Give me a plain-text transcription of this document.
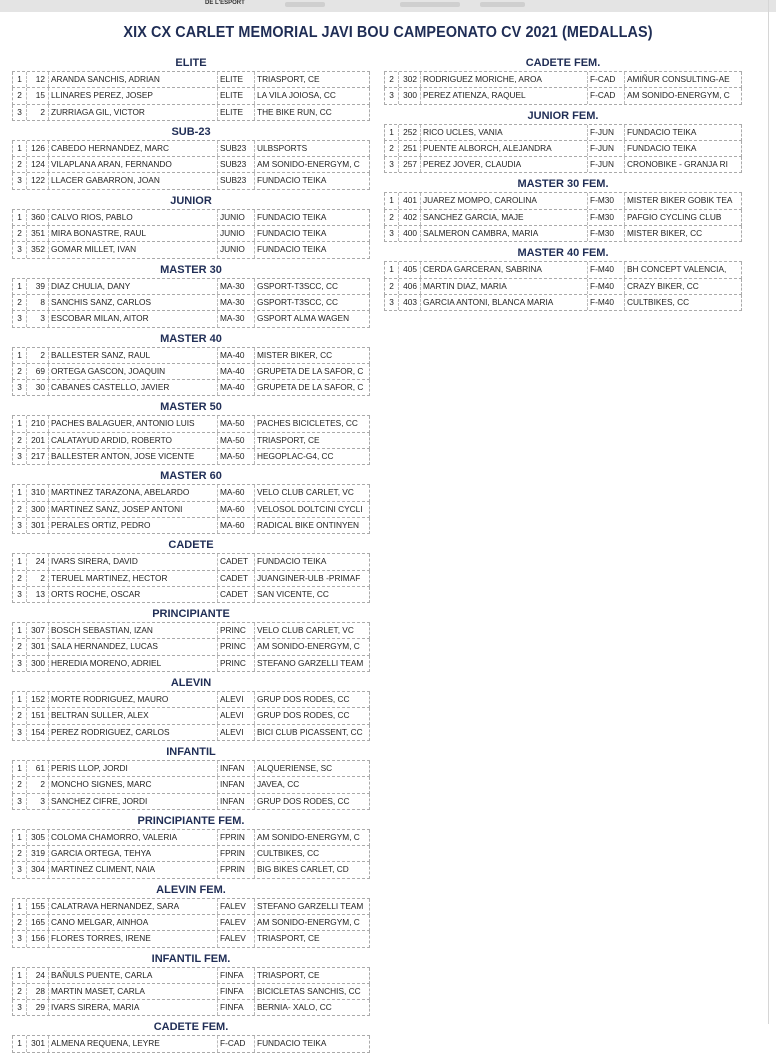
DE L'ESPORT
XIX CX CARLET MEMORIAL JAVI BOU CAMPEONATO CV 2021 (MEDALLAS)
ELITE
1	12 ARANDA SANCHIS, ADRIAN	ELITE	TRIASPORT, CE
2	15 LLINARES PEREZ, JOSEP	ELITE	LA VILA JOIOSA, CC
3	2 ZURRIAGA GIL, VICTOR	ELITE	THE BIKE RUN, CC
SUB-23
1	126 CABEDO HERNANDEZ, MARC	SUB23	ULBSPORTS
2	124 VILAPLANA ARAN, FERNANDO	SUB23	AM SONIDO-ENERGYM, C
3	122 LLACER GABARRON, JOAN	SUB23	FUNDACIO TEIKA
JUNIOR
1	360 CALVO RIOS, PABLO	JUNIO	FUNDACIO TEIKA
2	351 MIRA BONASTRE, RAUL	JUNIO	FUNDACIO TEIKA
3	352 GOMAR MILLET, IVAN	JUNIO	FUNDACIO TEIKA
MASTER 30
1	39 DIAZ CHULIA, DANY	MA-30	GSPORT-T3SCC, CC
2	8 SANCHIS SANZ, CARLOS	MA-30	GSPORT-T3SCC, CC
3	3 ESCOBAR MILAN, AITOR	MA-30	GSPORT ALMA WAGEN
MASTER 40
1	2 BALLESTER SANZ, RAUL	MA-40	MISTER BIKER, CC
2	69 ORTEGA GASCON, JOAQUIN	MA-40	GRUPETA DE LA SAFOR, C
3	30 CABANES CASTELLO, JAVIER	MA-40	GRUPETA DE LA SAFOR, C
MASTER 50
1	210 PACHES BALAGUER, ANTONIO LUIS	MA-50	PACHES BICICLETES, CC
2	201 CALATAYUD ARDID, ROBERTO	MA-50	TRIASPORT, CE
3	217 BALLESTER ANTON, JOSE VICENTE	MA-50	HEGOPLAC-G4, CC
MASTER 60
1	310 MARTINEZ TARAZONA, ABELARDO	MA-60	VELO CLUB CARLET, VC
2	300 MARTINEZ SANZ, JOSEP ANTONI	MA-60	VELOSOL DOLTCINI CYCLI
3	301 PERALES ORTIZ, PEDRO	MA-60	RADICAL BIKE ONTINYEN
CADETE
1	24 IVARS SIRERA, DAVID	CADET	FUNDACIO TEIKA
2	2 TERUEL MARTINEZ, HECTOR	CADET	JUANGINER-ULB -PRIMAF
3	13 ORTS ROCHE, OSCAR	CADET	SAN VICENTE, CC
PRINCIPIANTE
1	307 BOSCH SEBASTIAN, IZAN	PRINC	VELO CLUB CARLET, VC
2	301 SALA HERNANDEZ, LUCAS	PRINC	AM SONIDO-ENERGYM, C
3	300 HEREDIA MORENO, ADRIEL	PRINC	STEFANO GARZELLI TEAM
ALEVIN
1	152 MORTE RODRIGUEZ, MAURO	ALEVI	GRUP DOS RODES, CC
2	151 BELTRAN SULLER, ALEX	ALEVI	GRUP DOS RODES, CC
3	154 PEREZ RODRIGUEZ, CARLOS	ALEVI	BICI CLUB PICASSENT, CC
INFANTIL
1	61 PERIS LLOP, JORDI	INFAN	ALQUERIENSE, SC
2	2 MONCHO SIGNES, MARC	INFAN	JAVEA, CC
3	3 SANCHEZ CIFRE, JORDI	INFAN	GRUP DOS RODES, CC
PRINCIPIANTE FEM.
1	305 COLOMA CHAMORRO, VALERIA	FPRIN	AM SONIDO-ENERGYM, C
2	319 GARCIA ORTEGA, TEHYA	FPRIN	CULTBIKES, CC
3	304 MARTINEZ CLIMENT, NAIA	FPRIN	BIG BIKES CARLET, CD
ALEVIN FEM.
1	155 CALATRAVA HERNANDEZ, SARA	FALEV	STEFANO GARZELLI TEAM
2	165 CANO MELGAR, AINHOA	FALEV	AM SONIDO-ENERGYM, C
3	156 FLORES TORRES, IRENE	FALEV	TRIASPORT, CE
INFANTIL FEM.
1	24 BAÑULS PUENTE, CARLA	FINFA	TRIASPORT, CE
2	28 MARTIN MASET, CARLA	FINFA	BICICLETAS SANCHIS, CC
3	29 IVARS SIRERA, MARIA	FINFA	BERNIA- XALO, CC
CADETE FEM.
1	301 ALMENA REQUENA, LEYRE	F-CAD	FUNDACIO TEIKA
CADETE FEM.
2	302 RODRIGUEZ MORICHE, AROA	F-CAD	AMIÑUR CONSULTING-AE
3	300 PEREZ ATIENZA, RAQUEL	F-CAD	AM SONIDO-ENERGYM, C
JUNIOR FEM.
1	252 RICO UCLES, VANIA	F-JUN	FUNDACIO TEIKA
2	251 PUENTE ALBORCH, ALEJANDRA	F-JUN	FUNDACIO TEIKA
3	257 PEREZ JOVER, CLAUDIA	F-JUN	CRONOBIKE - GRANJA RI
MASTER 30 FEM.
1	401 JUAREZ MOMPO, CAROLINA	F-M30	MISTER BIKER GOBIK TEA
2	402 SANCHEZ GARCIA, MAJE	F-M30	PAFGIO CYCLING CLUB
3	400 SALMERON CAMBRA, MARIA	F-M30	MISTER BIKER, CC
MASTER 40 FEM.
1	405 CERDA GARCERAN, SABRINA	F-M40	BH CONCEPT VALENCIA,
2	406 MARTIN DIAZ, MARIA	F-M40	CRAZY BIKER, CC
3	403 GARCIA ANTONI, BLANCA MARIA	F-M40	CULTBIKES, CC
